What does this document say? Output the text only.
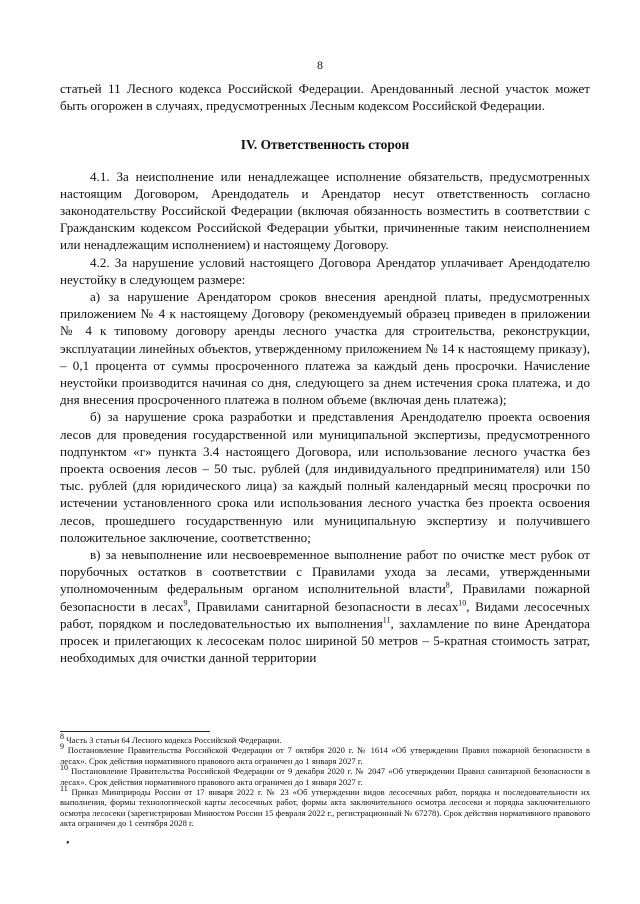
8

статьей 11 Лесного кодекса Российской Федерации. Арендованный лесной участок может быть огорожен в случаях, предусмотренных Лесным кодексом Российской Федерации.

IV. Ответственность сторон

4.1. За неисполнение или ненадлежащее исполнение обязательств, предусмотренных настоящим Договором, Арендодатель и Арендатор несут ответственность согласно законодательству Российской Федерации (включая обязанность возместить в соответствии с Гражданским кодексом Российской Федерации убытки, причиненные таким неисполнением или ненадлежащим исполнением) и настоящему Договору.

4.2. За нарушение условий настоящего Договора Арендатор уплачивает Арендодателю неустойку в следующем размере:

а) за нарушение Арендатором сроков внесения арендной платы, предусмотренных приложением № 4 к настоящему Договору (рекомендуемый образец приведен в приложении № 4 к типовому договору аренды лесного участка для строительства, реконструкции, эксплуатации линейных объектов, утвержденному приложением № 14 к настоящему приказу), – 0,1 процента от суммы просроченного платежа за каждый день просрочки. Начисление неустойки производится начиная со дня, следующего за днем истечения срока платежа, и до дня внесения просроченного платежа в полном объеме (включая день платежа);

б) за нарушение срока разработки и представления Арендодателю проекта освоения лесов для проведения государственной или муниципальной экспертизы, предусмотренного подпунктом «г» пункта 3.4 настоящего Договора, или использование лесного участка без проекта освоения лесов – 50 тыс. рублей (для индивидуального предпринимателя) или 150 тыс. рублей (для юридического лица) за каждый полный календарный месяц просрочки по истечении установленного срока или использования лесного участка без проекта освоения лесов, прошедшего государственную или муниципальную экспертизу и получившего положительное заключение, соответственно;

в) за невыполнение или несвоевременное выполнение работ по очистке мест рубок от порубочных остатков в соответствии с Правилами ухода за лесами, утвержденными уполномоченным федеральным органом исполнительной власти$^8$, Правилами пожарной безопасности в лесах$^9$, Правилами санитарной безопасности в лесах$^{10}$, Видами лесосечных работ, порядком и последовательностью их выполнения$^{11}$, захламление по вине Арендатора просек и прилегающих к лесосекам полос шириной 50 метров – 5-кратная стоимость затрат, необходимых для очистки данной территории

$^8$ Часть 3 статьи 64 Лесного кодекса Российской Федерации.

$^9$ Постановление Правительства Российской Федерации от 7 октября 2020 г. № 1614 «Об утверждении Правил пожарной безопасности в лесах». Срок действия нормативного правового акта ограничен до 1 января 2027 г.

$^{10}$ Постановление Правительства Российской Федерации от 9 декабря 2020 г. № 2047 «Об утверждении Правил санитарной безопасности в лесах». Срок действия нормативного правового акта ограничен до 1 января 2027 г.

$^{11}$ Приказ Минприроды России от 17 января 2022 г. № 23 «Об утверждении видов лесосечных работ, порядка и последовательности их выполнения, формы технологической карты лесосечных работ, формы акта заключительного осмотра лесосеки и порядка заключительного осмотра лесосеки (зарегистрирован Минюстом России 15 февраля 2022 г., регистрационный № 67278). Срок действия нормативного правового акта ограничен до 1 сентября 2028 г.

•
